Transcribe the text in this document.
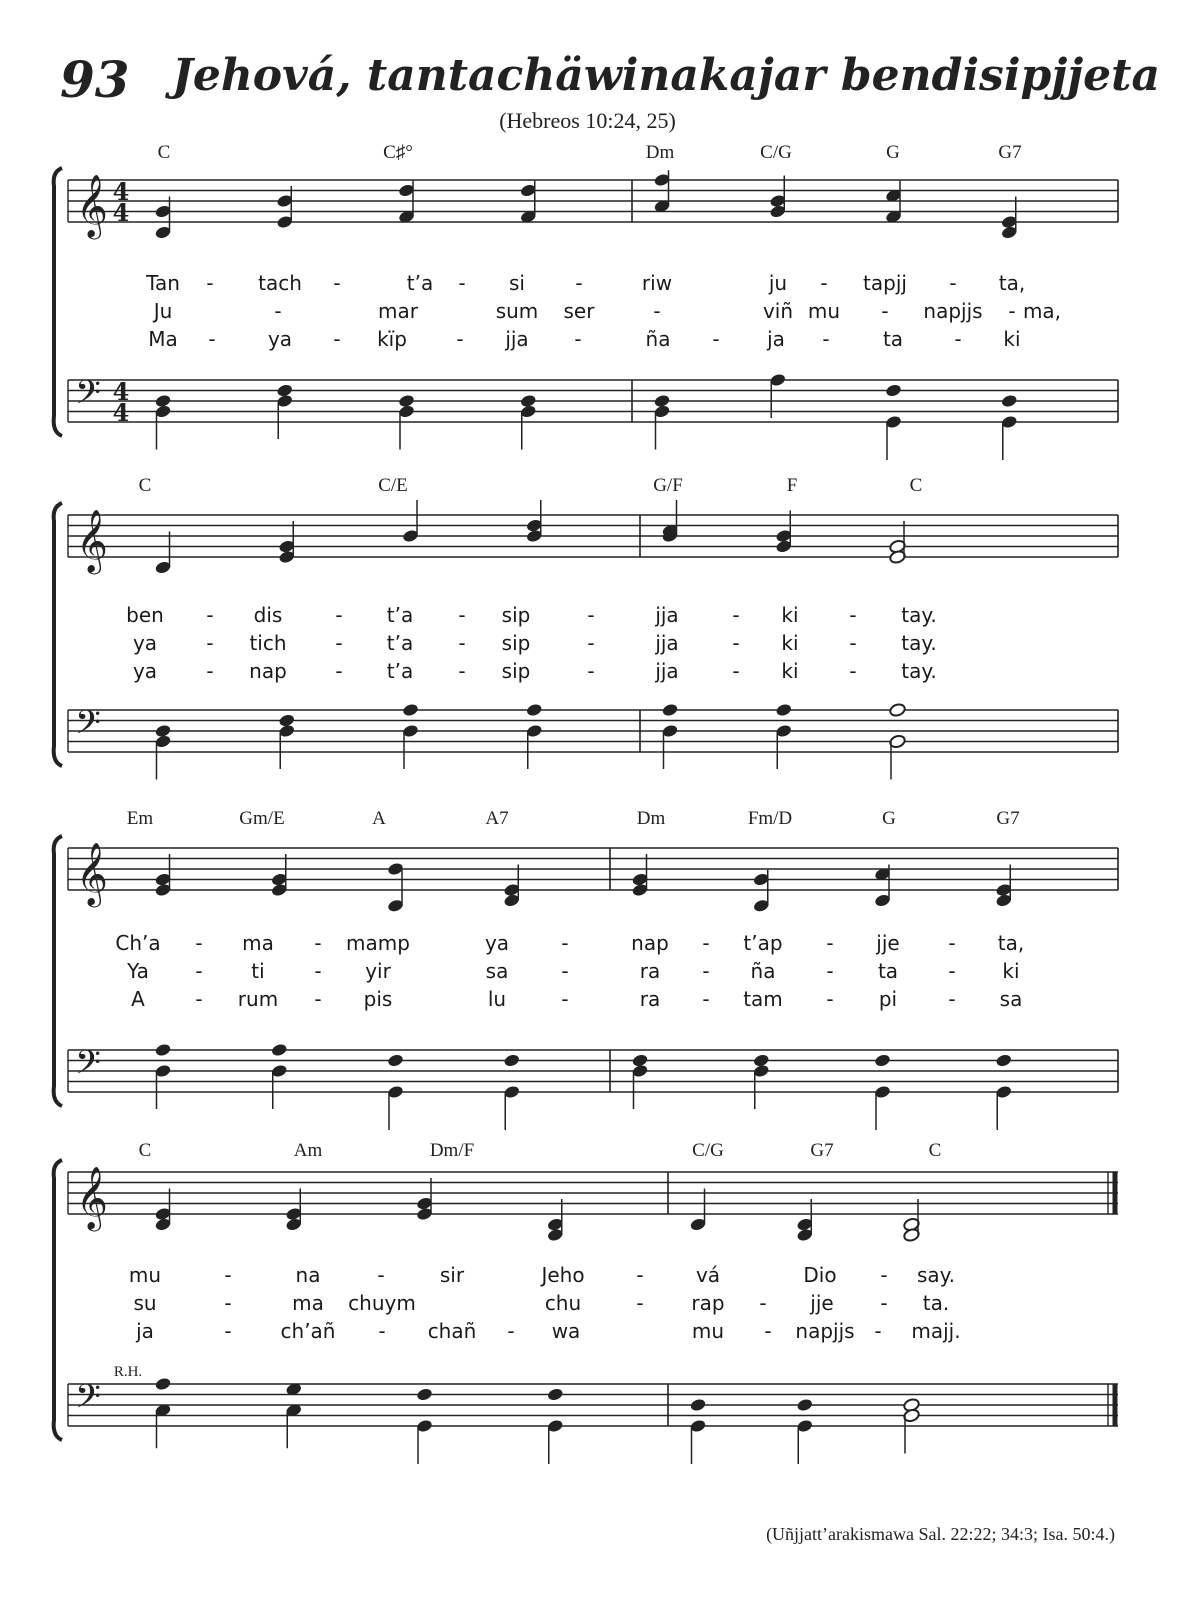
93 Jehová, tantachäwinakajar bendisipjjeta
(Hebreos 10:24, 25)
𝄞
𝄢
4
4
4
4
C	C♯°	Dm	C/G	G	G7
Tan - tach -	t’a - si	-	riw	ju - tapjj - ta,
Ju	-	mar	sum ser	-	viñ mu - napjjs - ma,
Ma -	ya - kïp - jja -	ña - ja -	ta	- ki
𝄞
𝄢
C	C/E	G/F	F	C
ben - dis	- t’a - sip	-	jja	- ki	- tay.
ya - tich - t’a - sip	-	jja	- ki	- tay.
ya - nap - t’a - sip	-	jja	- ki	- tay.
𝄞
𝄢
Em	Gm/E	A	A7	Dm	Fm/D	G	G7
Ch’a - ma - mamp	ya	-	nap - t’ap - jje - ta,
Ya - ti - yir	sa	-	ra - ña	- ta	- ki
A	- rum - pis	lu	-	ra - tam - pi	- sa
𝄞
𝄢
C	Am	Dm/F	C/G	G7	C
mu	-	na	-	sir	Jeho	-	vá	Dio - say.
su	-	ma chuym	chu	- rap - jje - ta.
ja	- ch’añ - chañ - wa	mu - napjjs - majj.
R.H.
(Uñjjatt’arakismawa Sal. 22:22; 34:3; Isa. 50:4.)
